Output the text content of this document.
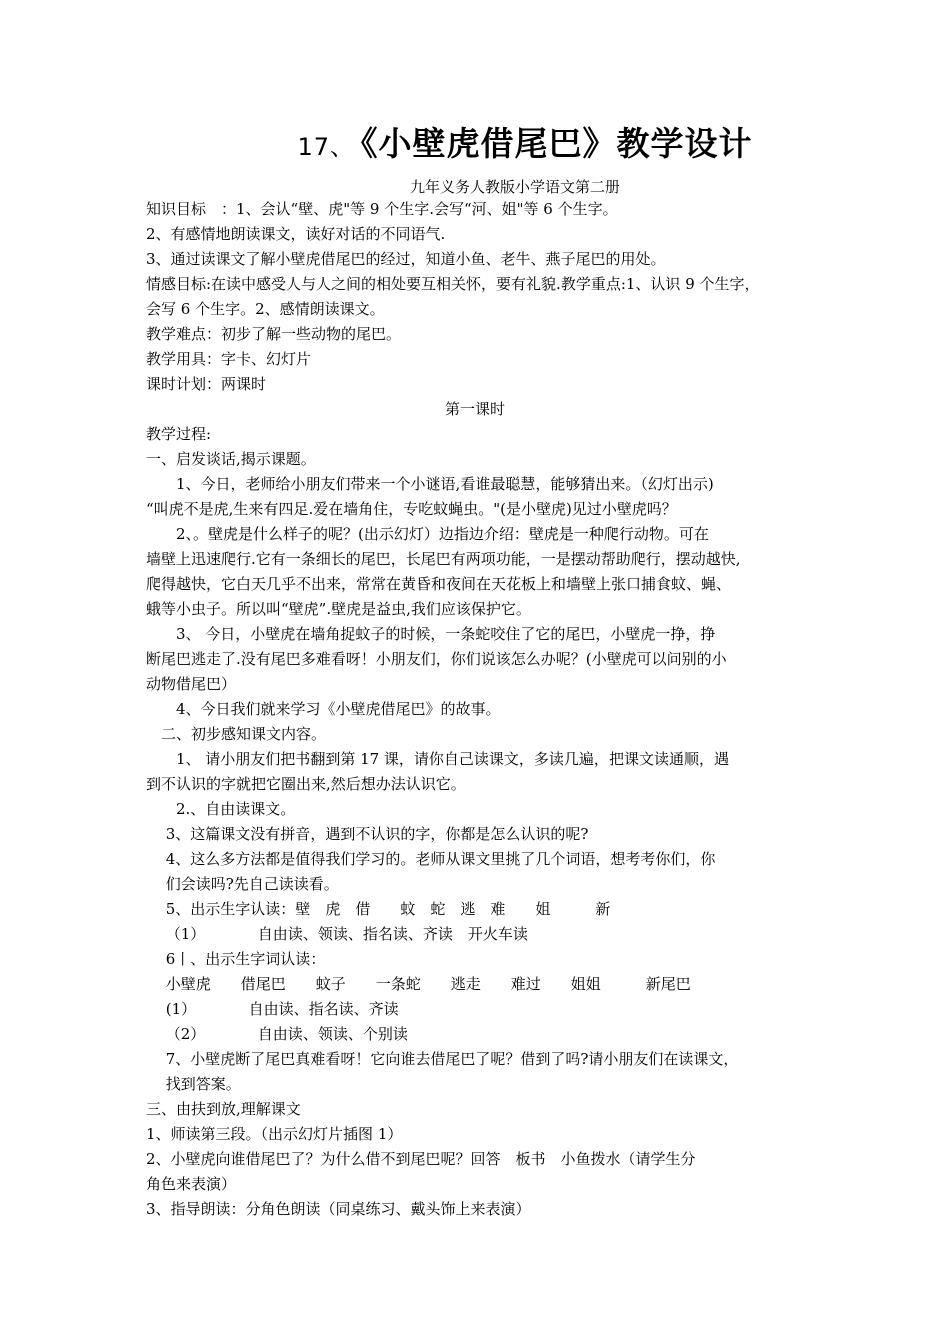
17、 《小壁虎借尾巴》教学设计
九年义务人教版小学语文第二册
知识目标　：1、会认“壁、虎"等 9 个生字.会写“河、姐"等 6 个生字。
2、有感情地朗读课文，读好对话的不同语气.
3、通过读课文了解小壁虎借尾巴的经过，知道小鱼、老牛、燕子尾巴的用处。
情感目标:在读中感受人与人之间的相处要互相关怀，要有礼貌.教学重点:1、认识 9 个生字，
会写 6 个生字。2、感情朗读课文。
教学难点：初步了解一些动物的尾巴。
教学用具：字卡、幻灯片
课时计划：两课时
第一课时
教学过程:
一、启发谈话,揭示课题。
　　1、今日，老师给小朋友们带来一个小谜语,看谁最聪慧，能够猜出来。（幻灯出示)
“叫虎不是虎,生来有四足.爱在墙角住，专吃蚊蝇虫。"(是小壁虎)见过小壁虎吗？
　　2、。壁虎是什么样子的呢？(出示幻灯）边指边介绍：壁虎是一种爬行动物。可在
墙壁上迅速爬行.它有一条细长的尾巴，长尾巴有两项功能，一是摆动帮助爬行，摆动越快,
爬得越快，它白天几乎不出来，常常在黄昏和夜间在天花板上和墙壁上张口捕食蚊、蝇、
蛾等小虫子。所以叫“壁虎”.壁虎是益虫,我们应该保护它。
　　3、 今日，小壁虎在墙角捉蚊子的时候，一条蛇咬住了它的尾巴，小壁虎一挣，挣
断尾巴逃走了.没有尾巴多难看呀！小朋友们，你们说该怎么办呢？(小壁虎可以问别的小
动物借尾巴）
　　4、今日我们就来学习《小壁虎借尾巴》的故事。
　二、初步感知课文内容。
　　1、 请小朋友们把书翻到第 17 课，请你自己读课文，多读几遍，把课文读通顺，遇
到不认识的字就把它圈出来,然后想办法认识它。
　　2.、自由读课文。
　 3、这篇课文没有拼音，遇到不认识的字，你都是怎么认识的呢?
　 4、这么多方法都是值得我们学习的。老师从课文里挑了几个词语，想考考你们，你
　 们会读吗?先自己读读看。
　 5、出示生字认读：壁　虎　借　　蚊　蛇　逃　难　　姐　　　新
　 （1）　　　　自由读、领读、指名读、齐读　开火车读
　 6丨、出示生字词认读：
　 小壁虎　　借尾巴　　蚊子　　一条蛇　　逃走　　难过　　姐姐　　　新尾巴
　 (1）　　　　自由读、指名读、齐读
　 （2）　　　　自由读、领读、个别读
　 7、小壁虎断了尾巴真难看呀！它向谁去借尾巴了呢？借到了吗?请小朋友们在读课文，
　 找到答案。
三、由扶到放,理解课文
1、师读第三段。（出示幻灯片插图 1）
2、小壁虎向谁借尾巴了？为什么借不到尾巴呢？回答　板书　小鱼拨水（请学生分
角色来表演）
3、指导朗读：分角色朗读（同桌练习、戴头饰上来表演）
